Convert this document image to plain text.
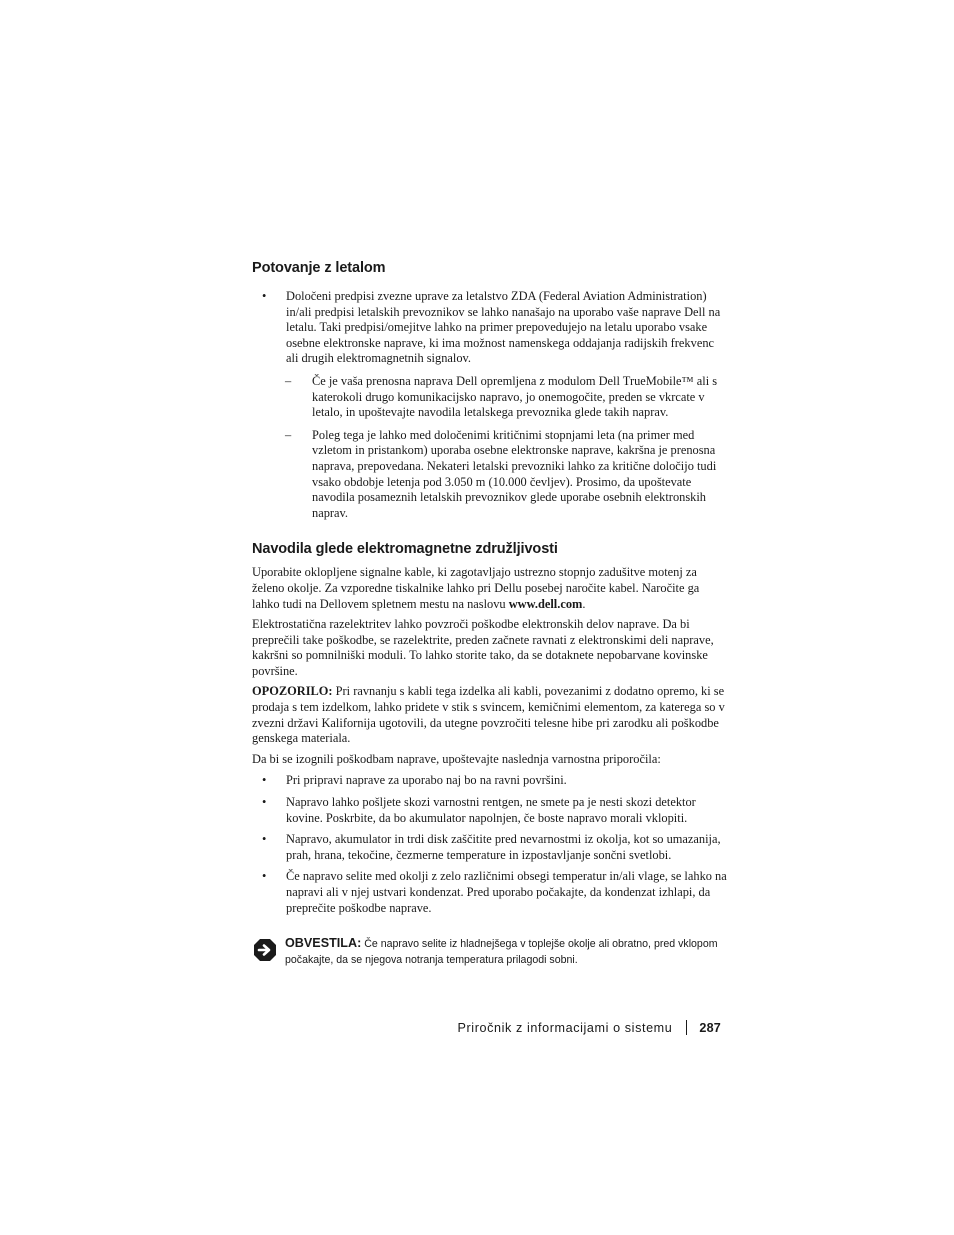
Potovanje z letalom
• Določeni predpisi zvezne uprave za letalstvo ZDA (Federal Aviation Administration) in/ali predpisi letalskih prevoznikov se lahko nanašajo na uporabo vaše naprave Dell na letalu. Taki predpisi/omejitve lahko na primer prepovedujejo na letalu uporabo vsake osebne elektronske naprave, ki ima možnost namenskega oddajanja radijskih frekvenc ali drugih elektromagnetnih signalov.
– Če je vaša prenosna naprava Dell opremljena z modulom Dell TrueMobile™ ali s katerokoli drugo komunikacijsko napravo, jo onemogočite, preden se vkrcate v letalo, in upoštevajte navodila letalskega prevoznika glede takih naprav.
– Poleg tega je lahko med določenimi kritičnimi stopnjami leta (na primer med vzletom in pristankom) uporaba osebne elektronske naprave, kakršna je prenosna naprava, prepovedana. Nekateri letalski prevozniki lahko za kritične določijo tudi vsako obdobje letenja pod 3.050 m (10.000 čevljev). Prosimo, da upoštevate navodila posameznih letalskih prevoznikov glede uporabe osebnih elektronskih naprav.
Navodila glede elektromagnetne združljivosti

Uporabite oklopljene signalne kable, ki zagotavljajo ustrezno stopnjo zadušitve motenj za želeno okolje. Za vzporedne tiskalnike lahko pri Dellu posebej naročite kabel. Naročite ga lahko tudi na Dellovem spletnem mestu na naslovu www.dell.com.

Elektrostatična razelektritev lahko povzroči poškodbe elektronskih delov naprave. Da bi preprečili take poškodbe, se razelektrite, preden začnete ravnati z elektronskimi deli naprave, kakršni so pomnilniški moduli. To lahko storite tako, da se dotaknete nepobarvane kovinske površine.

OPOZORILO: Pri ravnanju s kabli tega izdelka ali kabli, povezanimi z dodatno opremo, ki se prodaja s tem izdelkom, lahko pridete v stik s svincem, kemičnimi elementom, za katerega so v zvezni državi Kalifornija ugotovili, da utegne povzročiti telesne hibe pri zarodku ali poškodbe genskega materiala.

Da bi se izognili poškodbam naprave, upoštevajte naslednja varnostna priporočila:

• Pri pripravi naprave za uporabo naj bo na ravni površini.
• Napravo lahko pošljete skozi varnostni rentgen, ne smete pa je nesti skozi detektor kovine. Poskrbite, da bo akumulator napolnjen, če boste napravo morali vklopiti.
• Napravo, akumulator in trdi disk zaščitite pred nevarnostmi iz okolja, kot so umazanija, prah, hrana, tekočine, čezmerne temperature in izpostavljanje sončni svetlobi.
• Če napravo selite med okolji z zelo različnimi obsegi temperatur in/ali vlage, se lahko na napravi ali v njej ustvari kondenzat. Pred uporabo počakajte, da kondenzat izhlapi, da preprečite poškodbe naprave.
OBVESTILA: Če napravo selite iz hladnejšega v toplejše okolje ali obratno, pred vklopom počakajte, da se njegova notranja temperatura prilagodi sobni.
Priročnik z informacijami o sistemu 287
